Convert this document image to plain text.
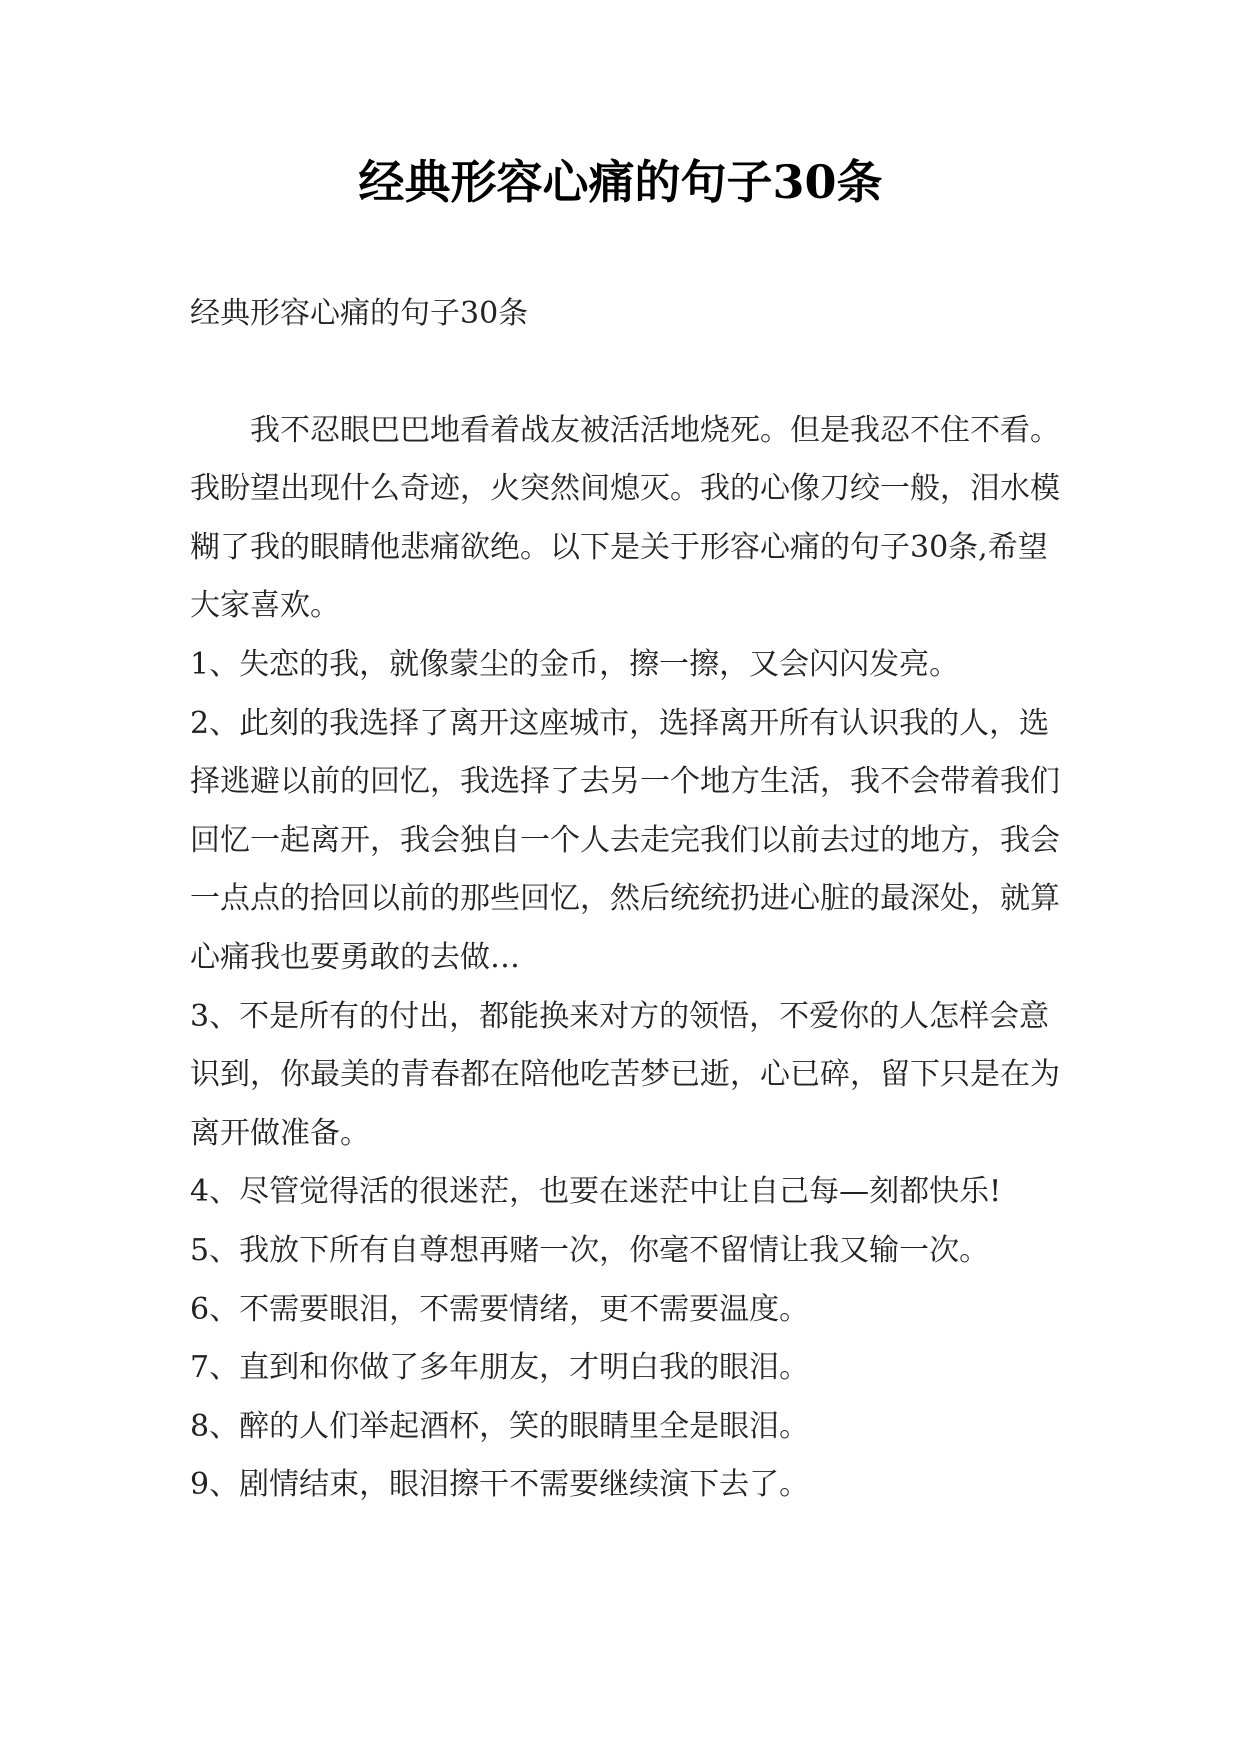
经典形容心痛的句子30条

经典形容心痛的句子30条

我不忍眼巴巴地看着战友被活活地烧死。但是我忍不住不看。我盼望出现什么奇迹，火突然间熄灭。我的心像刀绞一般，泪水模糊了我的眼睛他悲痛欲绝。以下是关于形容心痛的句子30条,希望大家喜欢。

1、失恋的我，就像蒙尘的金币，擦一擦，又会闪闪发亮。

2、此刻的我选择了离开这座城市，选择离开所有认识我的人，选择逃避以前的回忆，我选择了去另一个地方生活，我不会带着我们回忆一起离开，我会独自一个人去走完我们以前去过的地方，我会一点点的拾回以前的那些回忆，然后统统扔进心脏的最深处，就算心痛我也要勇敢的去做…

3、不是所有的付出，都能换来对方的领悟，不爱你的人怎样会意识到，你最美的青春都在陪他吃苦梦已逝，心已碎，留下只是在为离开做准备。

4、尽管觉得活的很迷茫，也要在迷茫中让自己每—刻都快乐!

5、我放下所有自尊想再赌一次，你毫不留情让我又输一次。

6、不需要眼泪，不需要情绪，更不需要温度。

7、直到和你做了多年朋友，才明白我的眼泪。

8、醉的人们举起酒杯，笑的眼睛里全是眼泪。

9、剧情结束，眼泪擦干不需要继续演下去了。
